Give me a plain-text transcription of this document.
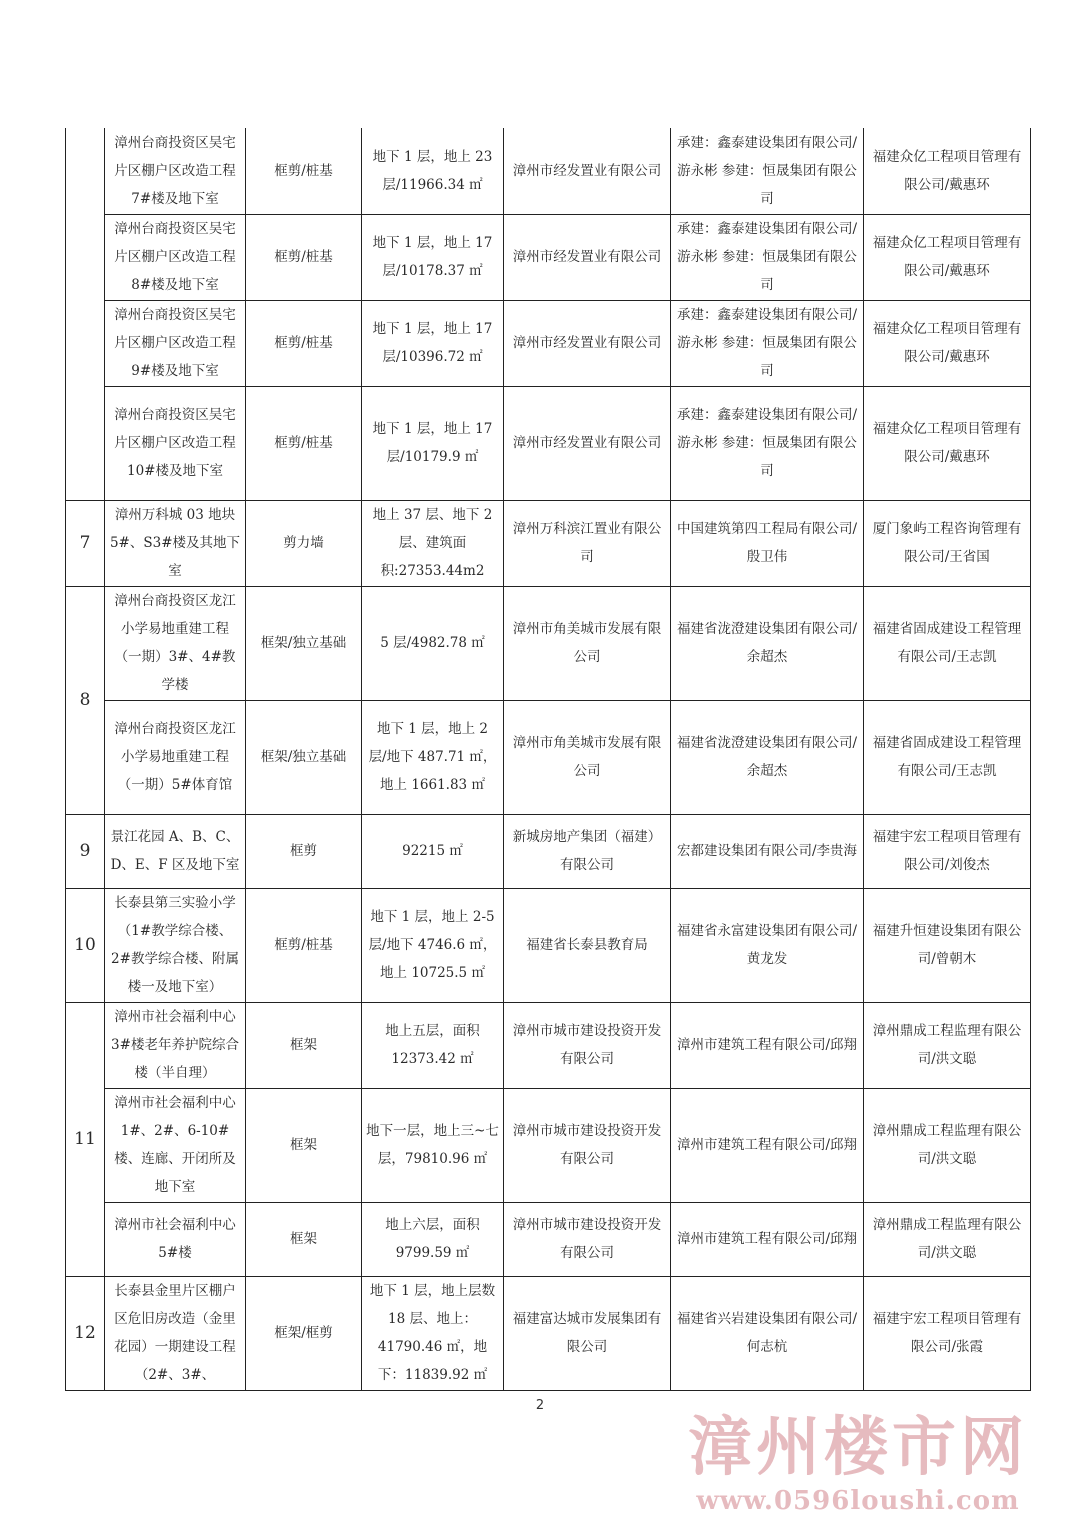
	漳州台商投资区吴宅片区棚户区改造工程 7#楼及地下室	框剪/桩基	地下 1 层，地上 23 层/11966.34 ㎡	漳州市经发置业有限公司	承建：鑫泰建设集团有限公司/游永彬 参建：恒晟集团有限公司	福建众亿工程项目管理有限公司/戴惠环
	漳州台商投资区吴宅片区棚户区改造工程 8#楼及地下室	框剪/桩基	地下 1 层，地上 17 层/10178.37 ㎡	漳州市经发置业有限公司	承建：鑫泰建设集团有限公司/游永彬 参建：恒晟集团有限公司	福建众亿工程项目管理有限公司/戴惠环
	漳州台商投资区吴宅片区棚户区改造工程 9#楼及地下室	框剪/桩基	地下 1 层，地上 17 层/10396.72 ㎡	漳州市经发置业有限公司	承建：鑫泰建设集团有限公司/游永彬 参建：恒晟集团有限公司	福建众亿工程项目管理有限公司/戴惠环
	漳州台商投资区吴宅片区棚户区改造工程 10#楼及地下室	框剪/桩基	地下 1 层，地上 17 层/10179.9 ㎡	漳州市经发置业有限公司	承建：鑫泰建设集团有限公司/游永彬 参建：恒晟集团有限公司	福建众亿工程项目管理有限公司/戴惠环
7	漳州万科城 03 地块 5#、S3#楼及其地下室	剪力墙	地上 37 层、地下 2 层、建筑面积:27353.44m2	漳州万科滨江置业有限公司	中国建筑第四工程局有限公司/殷卫伟	厦门象屿工程咨询管理有限公司/王省国
8	漳州台商投资区龙江小学易地重建工程（一期）3#、4#教学楼	框架/独立基础	5 层/4982.78 ㎡	漳州市角美城市发展有限公司	福建省泷澄建设集团有限公司/余超杰	福建省固成建设工程管理有限公司/王志凯
	漳州台商投资区龙江小学易地重建工程（一期）5#体育馆	框架/独立基础	地下 1 层，地上 2 层/地下 487.71 ㎡，地上 1661.83 ㎡	漳州市角美城市发展有限公司	福建省泷澄建设集团有限公司/余超杰	福建省固成建设工程管理有限公司/王志凯
9	景江花园 A、B、C、D、E、F 区及地下室	框剪	92215 ㎡	新城房地产集团（福建）有限公司	宏都建设集团有限公司/李贵海	福建宇宏工程项目管理有限公司/刘俊杰
10	长泰县第三实验小学（1#教学综合楼、2#教学综合楼、附属楼一及地下室）	框剪/桩基	地下 1 层，地上 2-5 层/地下 4746.6 ㎡，地上 10725.5 ㎡	福建省长泰县教育局	福建省永富建设集团有限公司/黄龙发	福建升恒建设集团有限公司/曾朝木
11	漳州市社会福利中心 3#楼老年养护院综合楼（半自理）	框架	地上五层，面积 12373.42 ㎡	漳州市城市建设投资开发有限公司	漳州市建筑工程有限公司/邱翔	漳州鼎成工程监理有限公司/洪文聪
	漳州市社会福利中心 1#、2#、6-10#楼、连廊、开闭所及地下室	框架	地下一层，地上三~七层，79810.96 ㎡	漳州市城市建设投资开发有限公司	漳州市建筑工程有限公司/邱翔	漳州鼎成工程监理有限公司/洪文聪
	漳州市社会福利中心 5#楼	框架	地上六层，面积 9799.59 ㎡	漳州市城市建设投资开发有限公司	漳州市建筑工程有限公司/邱翔	漳州鼎成工程监理有限公司/洪文聪
12	长泰县金里片区棚户区危旧房改造（金里花园）一期建设工程（2#、3#、	框架/框剪	地下 1 层，地上层数 18 层、地上：41790.46 ㎡，地下：11839.92 ㎡	福建富达城市发展集团有限公司	福建省兴岩建设集团有限公司/何志杭	福建宇宏工程项目管理有限公司/张霞
2
漳州楼市网
www.0596loushi.com
